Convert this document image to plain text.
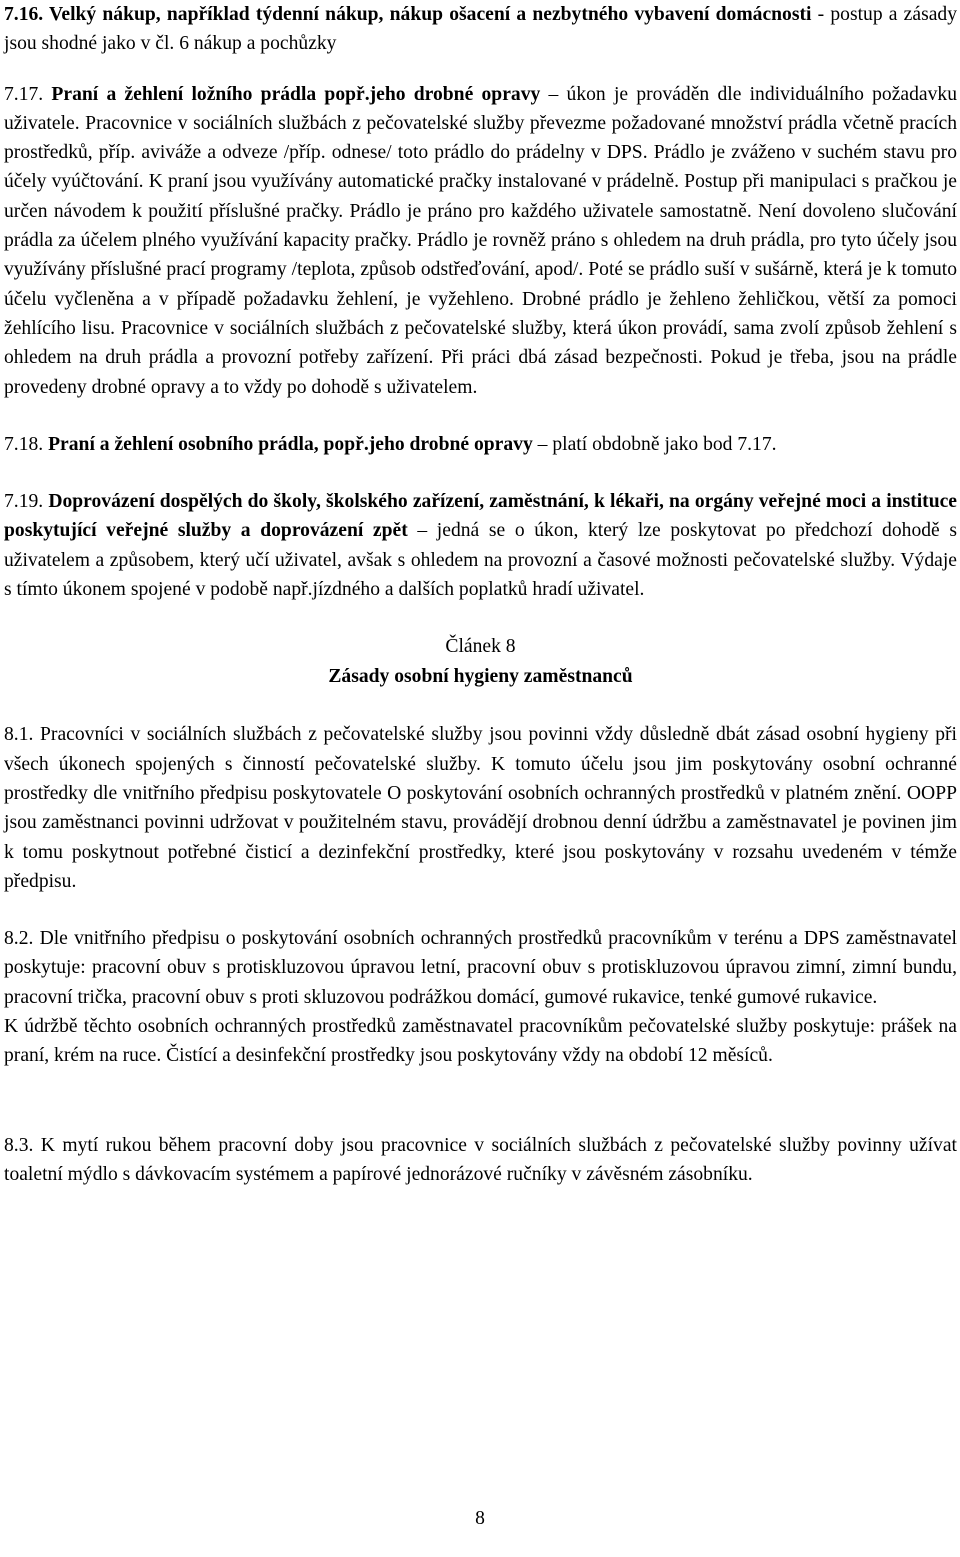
7.16. Velký nákup, například týdenní nákup, nákup ošacení a nezbytného vybavení domácnosti - postup a zásady jsou shodné jako v čl. 6 nákup a pochůzky

7.17. Praní a žehlení ložního prádla popř.jeho drobné opravy – úkon je prováděn dle individuálního požadavku uživatele. Pracovnice v sociálních službách z pečovatelské služby převezme požadované množství prádla včetně pracích prostředků, příp. aviváže a odveze /příp. odnese/ toto prádlo do prádelny v DPS. Prádlo je zváženo v suchém stavu pro účely vyúčtování. K praní jsou využívány automatické pračky instalované v prádelně. Postup při manipulaci s pračkou je určen návodem k použití příslušné pračky. Prádlo je práno pro každého uživatele samostatně. Není dovoleno slučování prádla za účelem plného využívání kapacity pračky. Prádlo je rovněž práno s ohledem na druh prádla, pro tyto účely jsou využívány příslušné prací programy /teplota, způsob odstřeďování, apod/. Poté se prádlo suší v sušárně, která je k tomuto účelu vyčleněna a v případě požadavku žehlení, je vyžehleno. Drobné prádlo je žehleno žehličkou, větší za pomoci žehlícího lisu. Pracovnice v sociálních službách z pečovatelské služby, která úkon provádí, sama zvolí způsob žehlení s ohledem na druh prádla a provozní potřeby zařízení. Při práci dbá zásad bezpečnosti. Pokud je třeba, jsou na prádle provedeny drobné opravy a to vždy po dohodě s uživatelem.

7.18. Praní a žehlení osobního prádla, popř.jeho drobné opravy – platí obdobně jako bod 7.17.

7.19. Doprovázení dospělých do školy, školského zařízení, zaměstnání, k lékaři, na orgány veřejné moci a instituce poskytující veřejné služby a doprovázení zpět – jedná se o úkon, který lze poskytovat po předchozí dohodě s uživatelem a způsobem, který učí uživatel, avšak s ohledem na provozní a časové možnosti pečovatelské služby. Výdaje s tímto úkonem spojené v podobě např.jízdného a dalších poplatků hradí uživatel.

Článek 8

Zásady osobní hygieny zaměstnanců

8.1. Pracovníci v sociálních službách z pečovatelské služby jsou povinni vždy důsledně dbát zásad osobní hygieny při všech úkonech spojených s činností pečovatelské služby. K tomuto účelu jsou jim poskytovány osobní ochranné prostředky dle vnitřního předpisu poskytovatele O poskytování osobních ochranných prostředků v platném znění. OOPP jsou zaměstnanci povinni udržovat v použitelném stavu, provádějí drobnou denní údržbu a zaměstnavatel je povinen jim k tomu poskytnout potřebné čisticí a dezinfekční prostředky, které jsou poskytovány v rozsahu uvedeném v témže předpisu.

8.2. Dle vnitřního předpisu o poskytování osobních ochranných prostředků pracovníkům v terénu a DPS zaměstnavatel poskytuje: pracovní obuv s protiskluzovou úpravou letní, pracovní obuv s protiskluzovou úpravou zimní, zimní bundu, pracovní trička, pracovní obuv s proti skluzovou podrážkou domácí, gumové rukavice, tenké gumové rukavice.

K údržbě těchto osobních ochranných prostředků zaměstnavatel pracovníkům pečovatelské služby poskytuje: prášek na praní, krém na ruce. Čistící a desinfekční prostředky jsou poskytovány vždy na období 12 měsíců.

8.3. K mytí rukou během pracovní doby jsou pracovnice v sociálních službách z pečovatelské služby povinny užívat toaletní mýdlo s dávkovacím systémem a papírové jednorázové ručníky v závěsném zásobníku.

8
